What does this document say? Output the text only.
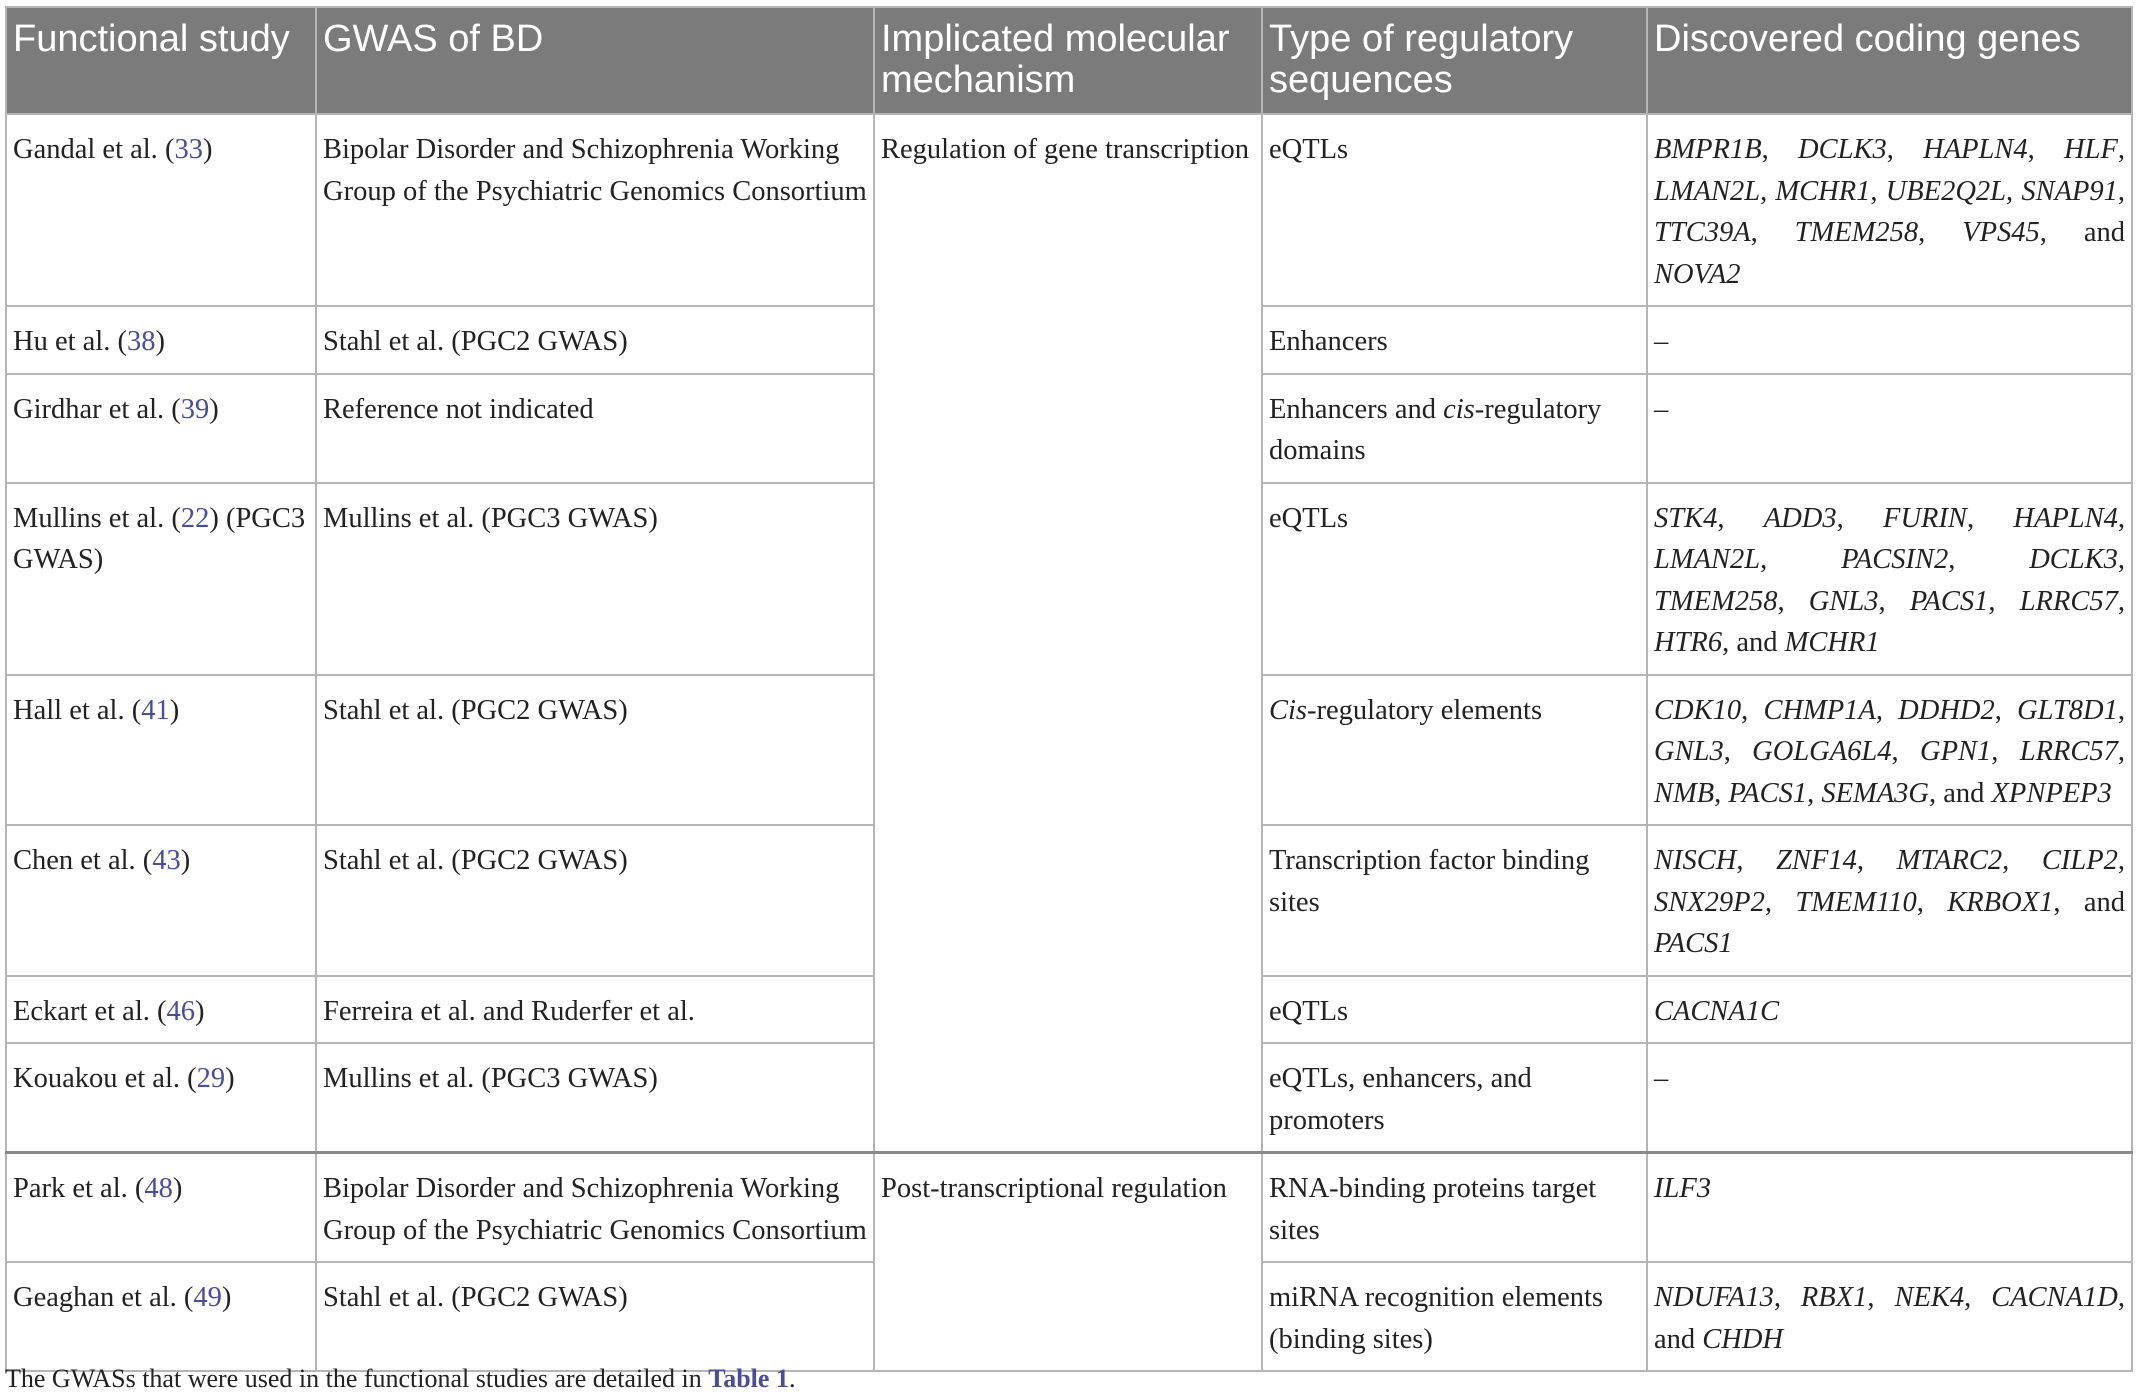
Functional study	GWAS of BD	Implicated molecular mechanism	Type of regulatory sequences	Discovered coding genes
Gandal et al. (33)	Bipolar Disorder and Schizophrenia Working Group of the Psychiatric Genomics Consortium	Regulation of gene transcription	eQTLs	BMPR1B, DCLK3, HAPLN4, HLF, LMAN2L, MCHR1, UBE2Q2L, SNAP91, TTC39A, TMEM258, VPS45, and NOVA2
Hu et al. (38)	Stahl et al. (PGC2 GWAS)		Enhancers	–
Girdhar et al. (39)	Reference not indicated		Enhancers and cis-regulatory domains	–
Mullins et al. (22) (PGC3 GWAS)	Mullins et al. (PGC3 GWAS)		eQTLs	STK4, ADD3, FURIN, HAPLN4, LMAN2L, PACSIN2, DCLK3, TMEM258, GNL3, PACS1, LRRC57, HTR6, and MCHR1
Hall et al. (41)	Stahl et al. (PGC2 GWAS)		Cis-regulatory elements	CDK10, CHMP1A, DDHD2, GLT8D1, GNL3, GOLGA6L4, GPN1, LRRC57, NMB, PACS1, SEMA3G, and XPNPEP3
Chen et al. (43)	Stahl et al. (PGC2 GWAS)		Transcription factor binding sites	NISCH, ZNF14, MTARC2, CILP2, SNX29P2, TMEM110, KRBOX1, and PACS1
Eckart et al. (46)	Ferreira et al. and Ruderfer et al.		eQTLs	CACNA1C
Kouakou et al. (29)	Mullins et al. (PGC3 GWAS)		eQTLs, enhancers, and promoters	–
Park et al. (48)	Bipolar Disorder and Schizophrenia Working Group of the Psychiatric Genomics Consortium	Post-transcriptional regulation	RNA-binding proteins target sites	ILF3
Geaghan et al. (49)	Stahl et al. (PGC2 GWAS)		miRNA recognition elements (binding sites)	NDUFA13, RBX1, NEK4, CACNA1D, and CHDH
The GWASs that were used in the functional studies are detailed in Table 1.
